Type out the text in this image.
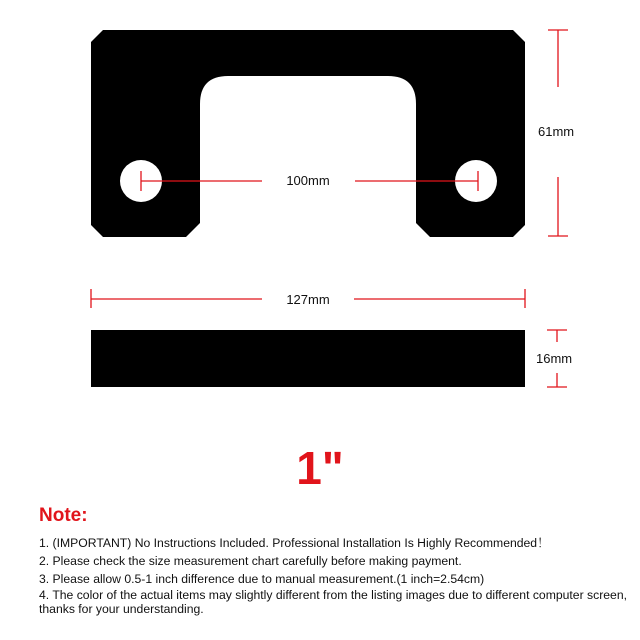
100mm
61mm
127mm
16mm
1"
Note:
1. (IMPORTANT) No Instructions Included. Professional Installation Is Highly Recommended！
2. Please check the size measurement chart carefully before making payment.
3. Please allow 0.5-1 inch difference due to manual measurement.(1 inch=2.54cm)
4. The color of the actual items may slightly different from the listing images due to different computer screen, thanks for your understanding.
